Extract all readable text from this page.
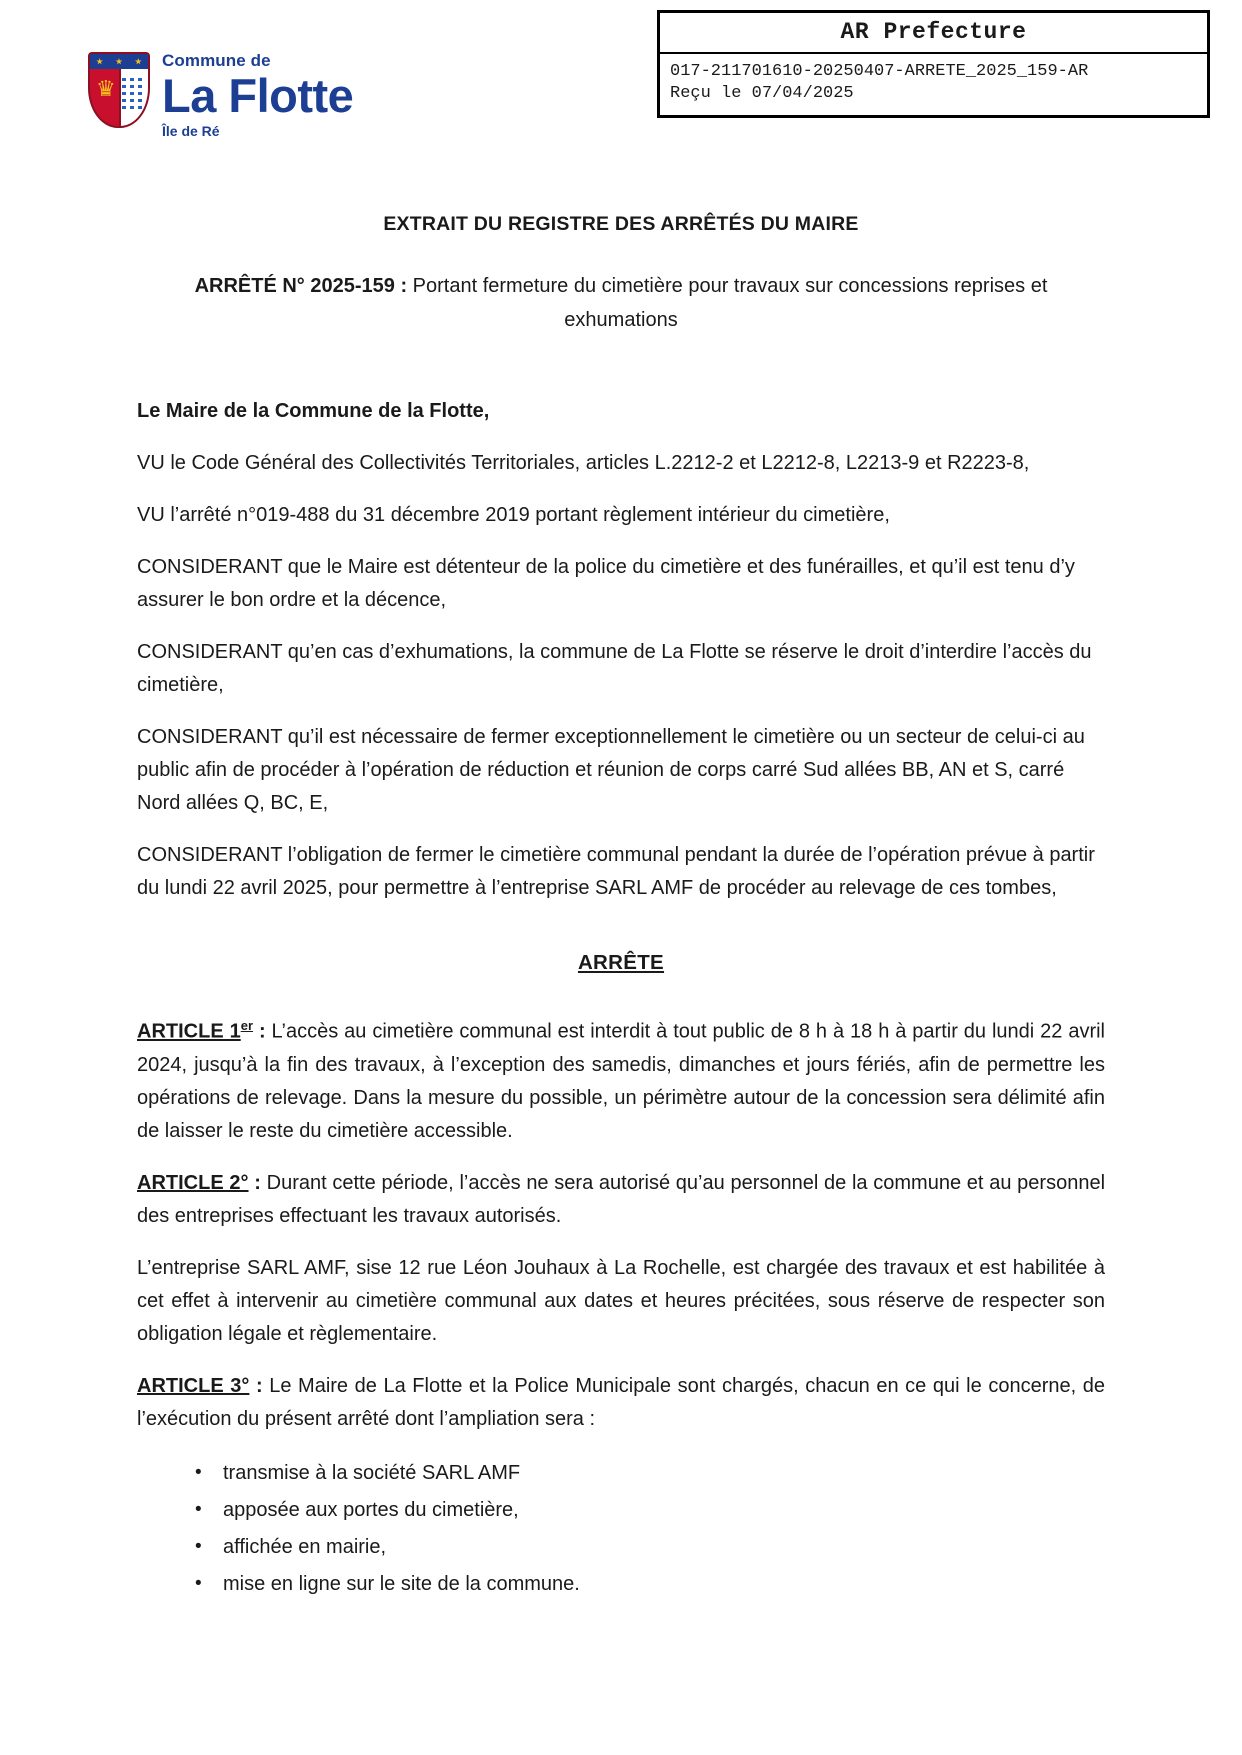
♛
Commune de
La Flotte
Île de Ré
AR Prefecture
017-211701610-20250407-ARRETE_2025_159-AR
Reçu le 07/04/2025
EXTRAIT DU REGISTRE DES ARRÊTÉS DU MAIRE
ARRÊTÉ N° 2025-159 : Portant fermeture du cimetière pour travaux sur concessions reprises et exhumations

Le Maire de la Commune de la Flotte,

VU le Code Général des Collectivités Territoriales, articles L.2212-2 et L2212-8, L2213-9 et R2223-8,

VU l’arrêté n°019-488 du 31 décembre 2019 portant règlement intérieur du cimetière,

CONSIDERANT que le Maire est détenteur de la police du cimetière et des funérailles, et qu’il est tenu d’y assurer le bon ordre et la décence,

CONSIDERANT qu’en cas d’exhumations, la commune de La Flotte se réserve le droit d’interdire l’accès du cimetière,

CONSIDERANT qu’il est nécessaire de fermer exceptionnellement le cimetière ou un secteur de celui-ci au public afin de procéder à l’opération de réduction et réunion de corps carré Sud allées BB, AN et S, carré Nord allées Q, BC, E,

CONSIDERANT l’obligation de fermer le cimetière communal pendant la durée de l’opération prévue à partir du lundi 22 avril 2025, pour permettre à l’entreprise SARL AMF de procéder au relevage de ces tombes,

ARRÊTE

ARTICLE 1er : L’accès au cimetière communal est interdit à tout public de 8 h à 18 h à partir du lundi 22 avril 2024, jusqu’à la fin des travaux, à l’exception des samedis, dimanches et jours fériés, afin de permettre les opérations de relevage. Dans la mesure du possible, un périmètre autour de la concession sera délimité afin de laisser le reste du cimetière accessible.

ARTICLE 2° : Durant cette période, l’accès ne sera autorisé qu’au personnel de la commune et au personnel des entreprises effectuant les travaux autorisés.

L’entreprise SARL AMF, sise 12 rue Léon Jouhaux à La Rochelle, est chargée des travaux et est habilitée à cet effet à intervenir au cimetière communal aux dates et heures précitées, sous réserve de respecter son obligation légale et règlementaire.

ARTICLE 3° : Le Maire de La Flotte et la Police Municipale sont chargés, chacun en ce qui le concerne, de l’exécution du présent arrêté dont l’ampliation sera :

• transmise à la société SARL AMF
• apposée aux portes du cimetière,
• affichée en mairie,
• mise en ligne sur le site de la commune.
